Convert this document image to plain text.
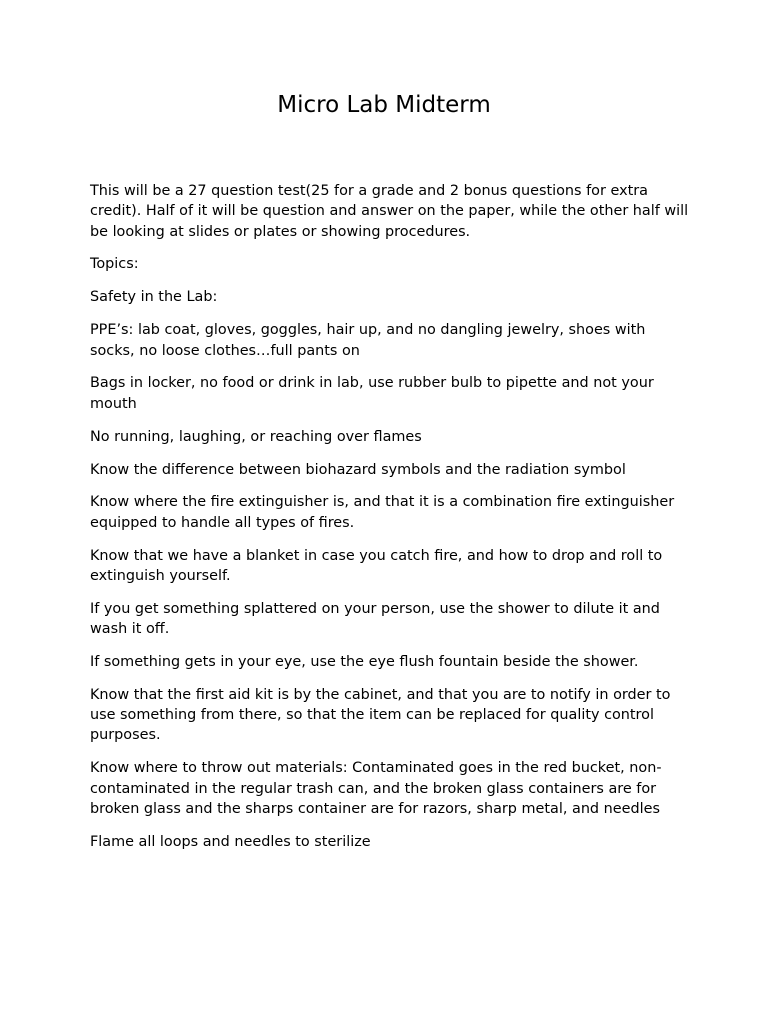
Micro Lab Midterm

This will be a 27 question test(25 for a grade and 2 bonus questions for extra credit). Half of it will be question and answer on the paper, while the other half will be looking at slides or plates or showing procedures.

Topics:

Safety in the Lab:

PPE’s: lab coat, gloves, goggles, hair up, and no dangling jewelry, shoes with socks, no loose clothes…full pants on

Bags in locker, no food or drink in lab, use rubber bulb to pipette and not your mouth

No running, laughing, or reaching over flames

Know the difference between biohazard symbols and the radiation symbol

Know where the fire extinguisher is, and that it is a combination fire extinguisher equipped to handle all types of fires.

Know that we have a blanket in case you catch fire, and how to drop and roll to extinguish yourself.

If you get something splattered on your person, use the shower to dilute it and wash it off.

If something gets in your eye, use the eye flush fountain beside the shower.

Know that the first aid kit is by the cabinet, and that you are to notify in order to use something from there, so that the item can be replaced for quality control purposes.

Know where to throw out materials: Contaminated goes in the red bucket, non-contaminated in the regular trash can, and the broken glass containers are for broken glass and the sharps container are for razors, sharp metal, and needles

Flame all loops and needles to sterilize
